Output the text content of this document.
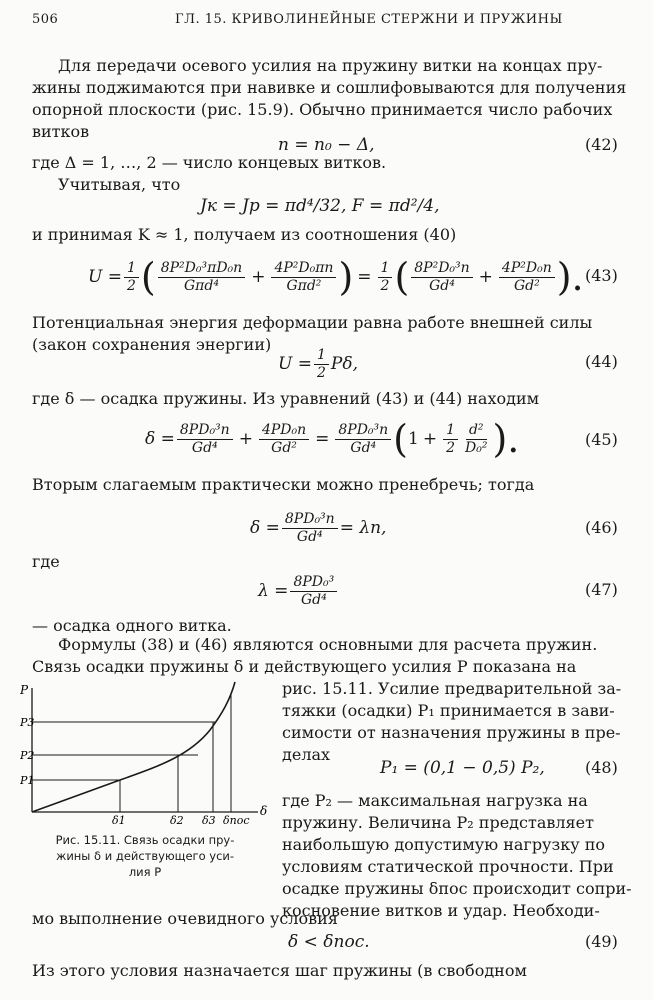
506	ГЛ. 15. КРИВОЛИНЕЙНЫЕ СТЕРЖНИ И ПРУЖИНЫ
Для передачи осевого усилия на пружину витки на концах пру-
жины поджимаются при навивке и сошлифовываются для получения
опорной плоскости (рис. 15.9). Обычно принимается число рабочих
витков
n = n₀ − Δ,	(42)
где Δ = 1, …, 2 — число концевых витков.
Учитывая, что
Jк = Jр = πd⁴/32, F = πd²/4,
и принимая K ≈ 1, получаем из соотношения (40)
$U = \frac{1}{2}$ ( $\frac{\text{8P²D₀³πD₀n}}{\text{Gπd⁴}} + \frac{\text{4P²D₀πn}}{\text{Gπd²}}$ ) = $\frac{1}{2}$ ( $\frac{\text{8P²D₀³n}}{\text{Gd⁴}} + \frac{\text{4P²D₀n}}{\text{Gd²}}$ ). (43)
Потенциальная энергия деформации равна работе внешней силы
(закон сохранения энергии)
$U = \frac{1}{2} P\delta$,	(44)
где δ — осадка пружины. Из уравнений (43) и (44) находим
$\delta = \frac{\text{8PD₀³n}}{\text{Gd⁴}} + \frac{\text{4PD₀n}}{\text{Gd²}} = \frac{\text{8PD₀³n}}{\text{Gd⁴}}$ ( $1 + \frac{1}{2} \frac{\text{d²}}{\text{D₀²}}$ ).	(45)
Вторым слагаемым практически можно пренебречь; тогда
$\delta = \frac{\text{8PD₀³n}}{\text{Gd⁴}} = \lambda n$,	(46)
где
$\lambda = \frac{\text{8PD₀³}}{\text{Gd⁴}}$	(47)
— осадка одного витка.
Формулы (38) и (46) являются основными для расчета пружин.
Связь осадки пружины δ и действующего усилия P показана на
P
δ
P3
P2
P1
δ1	δ2 δ3 δпос
Рис. 15.11. Связь осадки пру-
жины δ и действующего уси-
лия P
рис. 15.11. Усилие предварительной за-
тяжки (осадки) P₁ принимается в зави-
симости от назначения пружины в пре-
делах
P₁ = (0,1 − 0,5) P₂,	(48)
где P₂ — максимальная нагрузка на
пружину. Величина P₂ представляет
наибольшую допустимую нагрузку по
условиям статической прочности. При
осадке пружины δпос происходит сопри-
косновение витков и удар. Необходи-
мо выполнение очевидного условия
δ < δпос.	(49)
Из этого условия назначается шаг пружины (в свободном
